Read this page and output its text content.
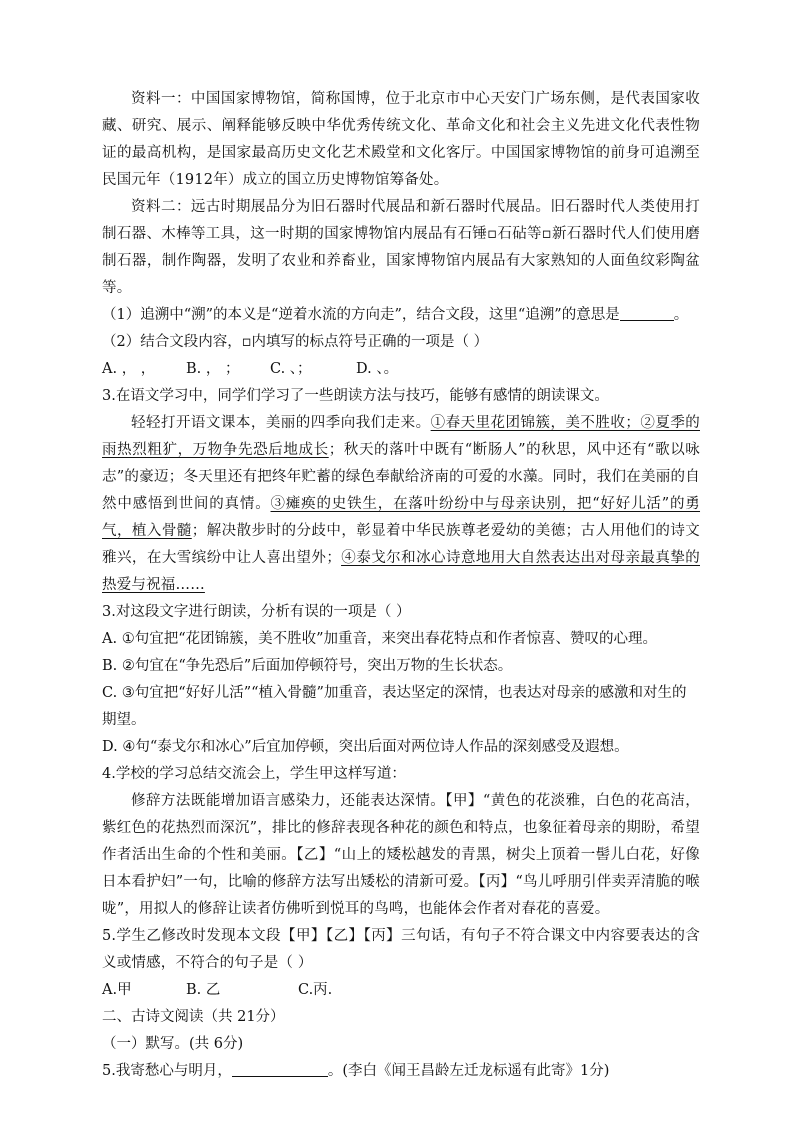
资料一：中国国家博物馆，简称国博，位于北京市中心天安门广场东侧，是代表国家收藏、研究、展示、阐释能够反映中华优秀传统文化、革命文化和社会主义先进文化代表性物证的最高机构，是国家最高历史文化艺术殿堂和文化客厅。中国国家博物馆的前身可追溯至民国元年（1912年）成立的国立历史博物馆筹备处。

资料二：远古时期展品分为旧石器时代展品和新石器时代展品。旧石器时代人类使用打制石器、木棒等工具，这一时期的国家博物馆内展品有石锤▫石砧等▫新石器时代人们使用磨制石器，制作陶器，发明了农业和养畜业，国家博物馆内展品有大家熟知的人面鱼纹彩陶盆等。

（1）追溯中“溯”的本义是“逆着水流的方向走”，结合文段，这里“追溯”的意思是	。

（2）结合文段内容，▫内填写的标点符号正确的一项是（ ）

A. ， ，	B. ， ；	C. 、；	D. 、。

3.在语文学习中，同学们学习了一些朗读方法与技巧，能够有感情的朗读课文。

轻轻打开语文课本，美丽的四季向我们走来。①春天里花团锦簇，美不胜收；②夏季的雨热烈粗犷，万物争先恐后地成长；秋天的落叶中既有“断肠人”的秋思，风中还有“歌以咏志”的豪迈；冬天里还有把终年贮蓄的绿色奉献给济南的可爱的水藻。同时，我们在美丽的自然中感悟到世间的真情。③瘫痪的史铁生，在落叶纷纷中与母亲诀别，把“好好儿活”的勇气，植入骨髓；解决散步时的分歧中，彰显着中华民族尊老爱幼的美德；古人用他们的诗文雅兴，在大雪缤纷中让人喜出望外；④泰戈尔和冰心诗意地用大自然表达出对母亲最真挚的热爱与祝福……

3.对这段文字进行朗读，分析有误的一项是（ ）

A. ①句宜把“花团锦簇，美不胜收”加重音，来突出春花特点和作者惊喜、赞叹的心理。

B. ②句宜在“争先恐后”后面加停顿符号，突出万物的生长状态。

C. ③句宜把“好好儿活”“植入骨髓”加重音，表达坚定的深情，也表达对母亲的感激和对生的期望。

D. ④句“泰戈尔和冰心”后宜加停顿，突出后面对两位诗人作品的深刻感受及遐想。

4.学校的学习总结交流会上，学生甲这样写道：

修辞方法既能增加语言感染力，还能表达深情。【甲】“黄色的花淡雅，白色的花高洁，紫红色的花热烈而深沉”，排比的修辞表现各种花的颜色和特点，也象征着母亲的期盼，希望作者活出生命的个性和美丽。【乙】“山上的矮松越发的青黑，树尖上顶着一髻儿白花，好像日本看护妇”一句，比喻的修辞方法写出矮松的清新可爱。【丙】“鸟儿呼朋引伴卖弄清脆的喉咙”，用拟人的修辞让读者仿佛听到悦耳的鸟鸣，也能体会作者对春花的喜爱。

5.学生乙修改时发现本文段【甲】【乙】【丙】三句话，有句子不符合课文中内容要表达的含义或情感，不符合的句子是（ ）

A.甲	B. 乙	C.丙.

二、古诗文阅读（共 21分）

（一）默写。(共 6分)

5.我寄愁心与明月，	。(李白《闻王昌龄左迁龙标遥有此寄》1分)
